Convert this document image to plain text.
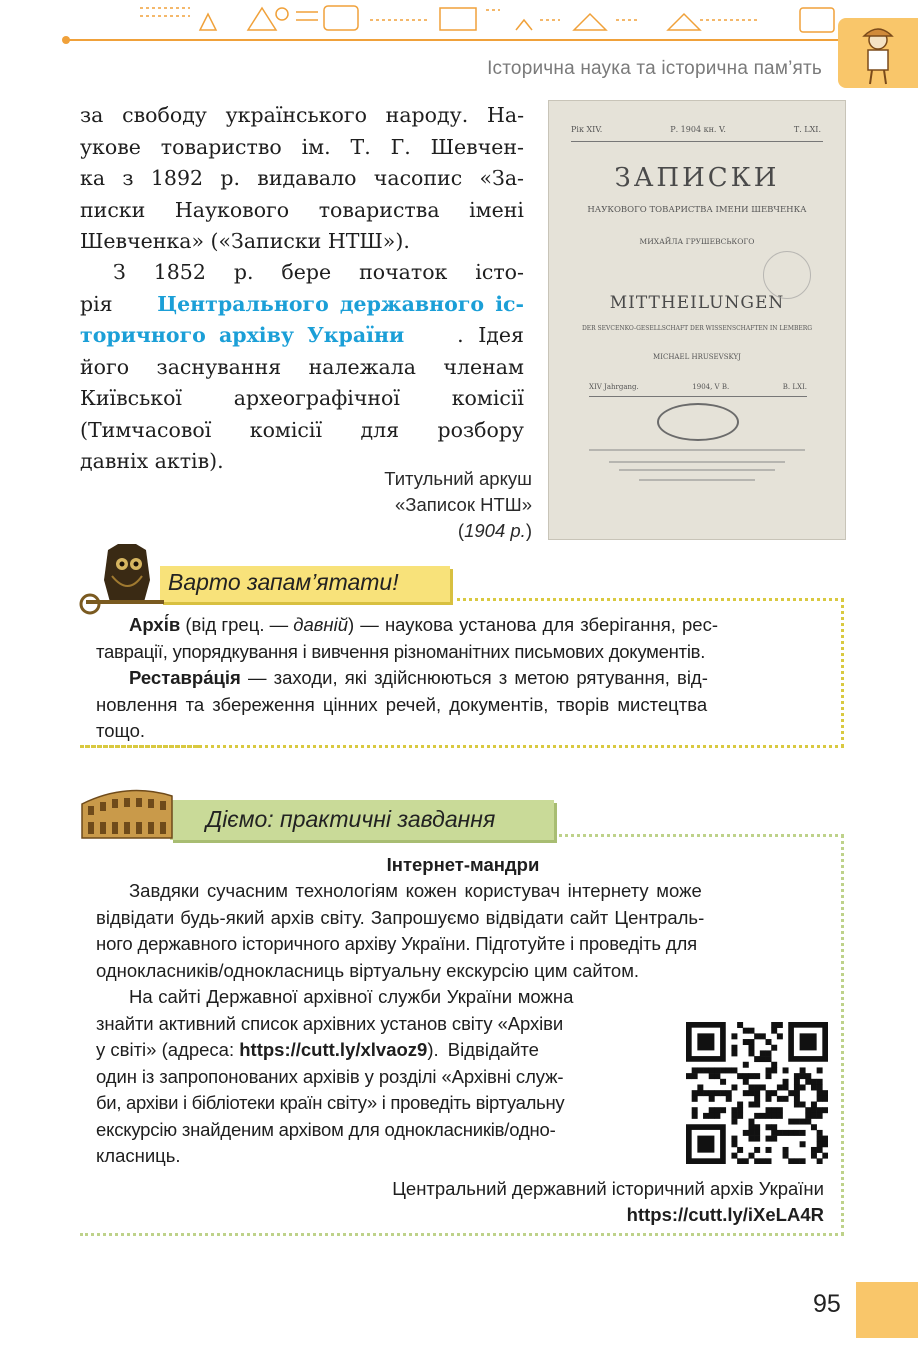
Історична наука та історична пам’ять
за свободу українського народу. На-
укове товариство ім. Т. Г. Шевчен-
ка з 1892 р. видавало часопис «За-
писки Наукового товариства імені
Шевченка» («Записки НТШ»).
З 1852 р. бере початок істо-
рія Центрального державного іс-
торичного архіву України	. Ідея
його заснування належала членам
Київської	археографічної	комісії
(Тимчасової комісії для розбору
давніх актів).
Титульний аркуш
«Записок НТШ»
(1904 р.)
Рік XIV.	Р. 1904 кн. V.	Т. LXI.
ЗАПИСКИ
НАУКОВОГО ТОВАРИСТВА ІМЕНИ ШЕВЧЕНКА
МИХАЙЛА ГРУШЕВСЬКОГО
MITTHEILUNGEN
DER ŠEVČENKO-GESELLSCHAFT DER WISSENSCHAFTEN IN LEMBERG
MICHAEL HRUSEVSKYJ
XIV Jahrgang.	1904, V B.	B. LXI.
Варто запам’ятати!
Архі́в (від грец. — давній) — наукова установа для зберігання, рес-
таврації, упорядкування і вивчення різноманітних письмових документів.
Реставра́ція — заходи, які здійснюються з метою рятування, від-
новлення та збереження цінних речей, документів, творів мистецтва
тощо.
Діємо: практичні завдання
Інтернет-мандри
Завдяки сучасним технологіям кожен користувач інтернету може
відвідати будь-який архів світу. Запрошуємо відвідати сайт Централь-
ного державного історичного архіву України. Підготуйте і проведіть для
однокласників/однокласниць віртуальну екскурсію цим сайтом.
На сайті Державної архівної служби України можна
знайти активний список архівних установ світу «Архіви
у світі» (адреса: https://cutt.ly/xlvaoz9 ). Відвідайте
один із запропонованих архівів у розділі «Архівні служ-
би, архіви і бібліотеки країн світу» і проведіть віртуальну
екскурсію знайденим архівом для однокласників/одно-
класниць.
Центральний державний історичний архів України
https://cutt.ly/iXeLA4R
95
